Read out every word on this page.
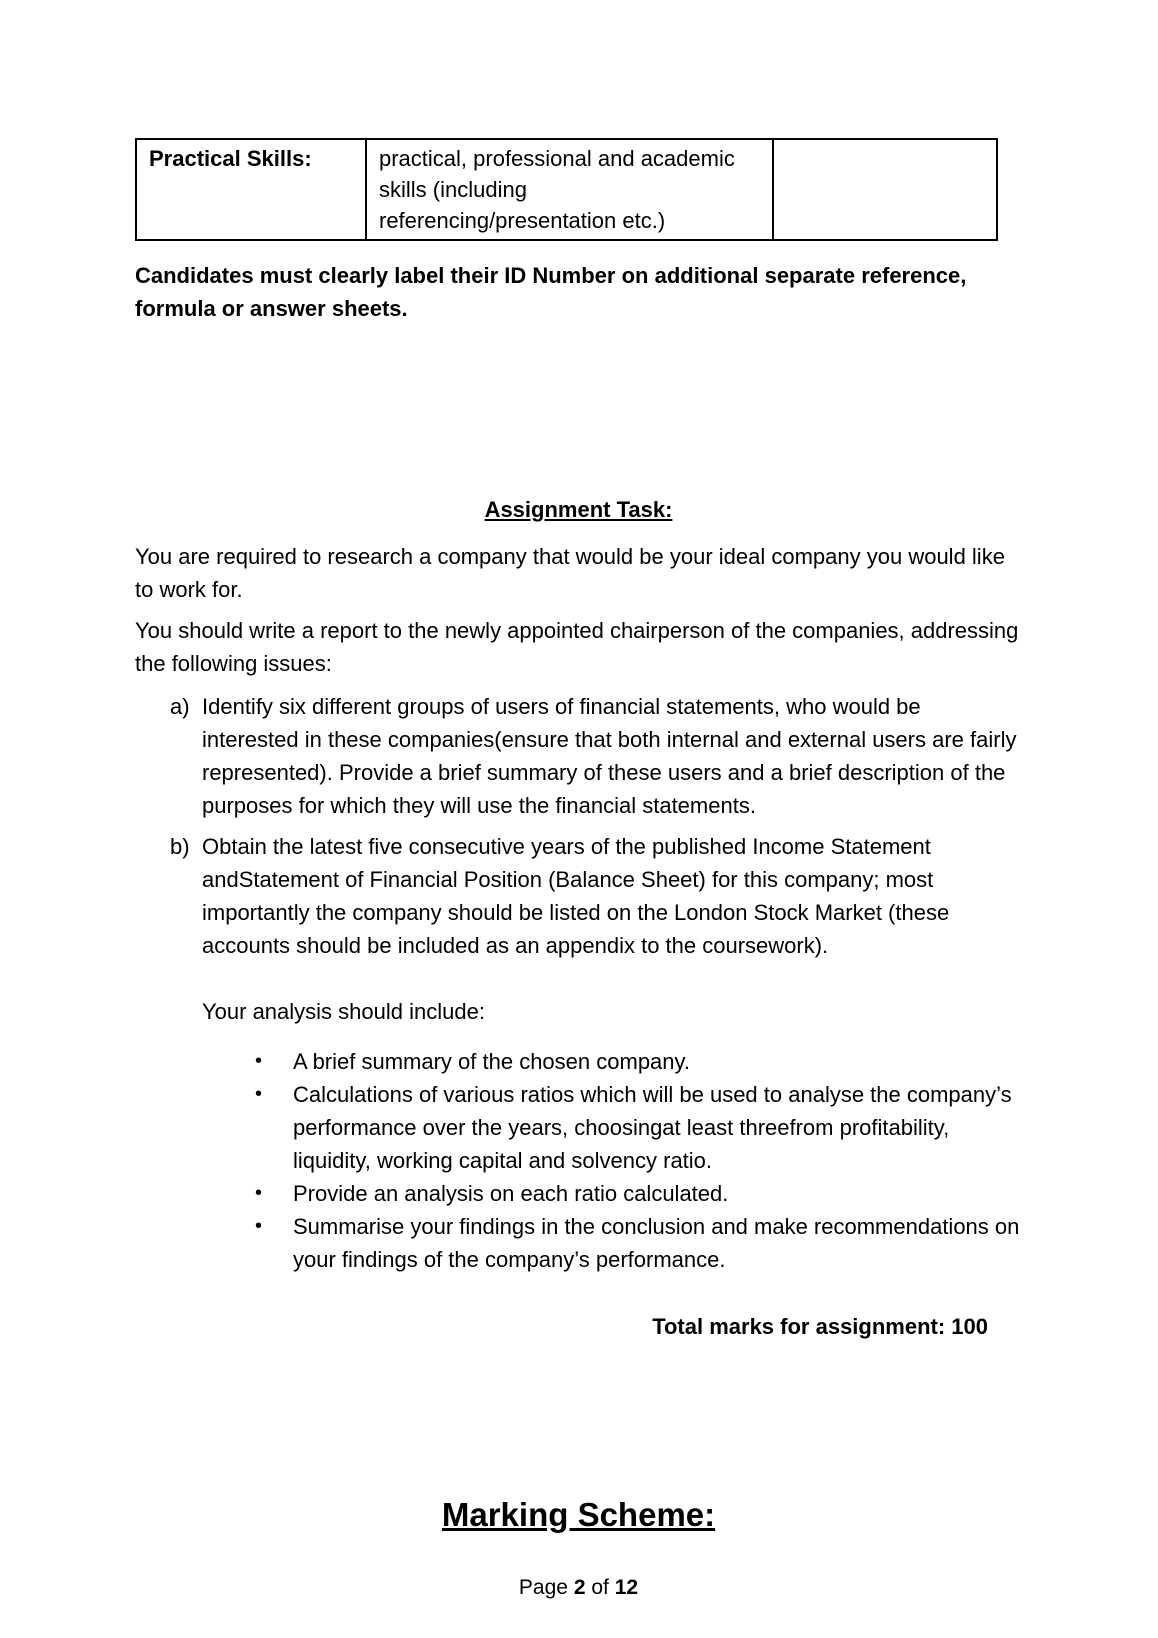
Practical Skills:	practical, professional and academic skills (including referencing/presentation etc.)	

Candidates must clearly label their ID Number on additional separate reference, formula or answer sheets.

Assignment Task:

You are required to research a company that would be your ideal company you would like to work for.

You should write a report to the newly appointed chairperson of the companies, addressing the following issues:

a) Identify six different groups of users of financial statements, who would be interested in these companies(ensure that both internal and external users are fairly represented). Provide a brief summary of these users and a brief description of the purposes for which they will use the financial statements.
b) Obtain the latest five consecutive years of the published Income Statement andStatement of Financial Position (Balance Sheet) for this company; most importantly the company should be listed on the London Stock Market (these accounts should be included as an appendix to the coursework).

Your analysis should include:

•	A brief summary of the chosen company.
•	Calculations of various ratios which will be used to analyse the company’s performance over the years, choosingat least threefrom profitability, liquidity, working capital and solvency ratio.
•	Provide an analysis on each ratio calculated.
•	Summarise your findings in the conclusion and make recommendations on your findings of the company’s performance.

Total marks for assignment: 100

Marking Scheme:
Page 2 of 12
